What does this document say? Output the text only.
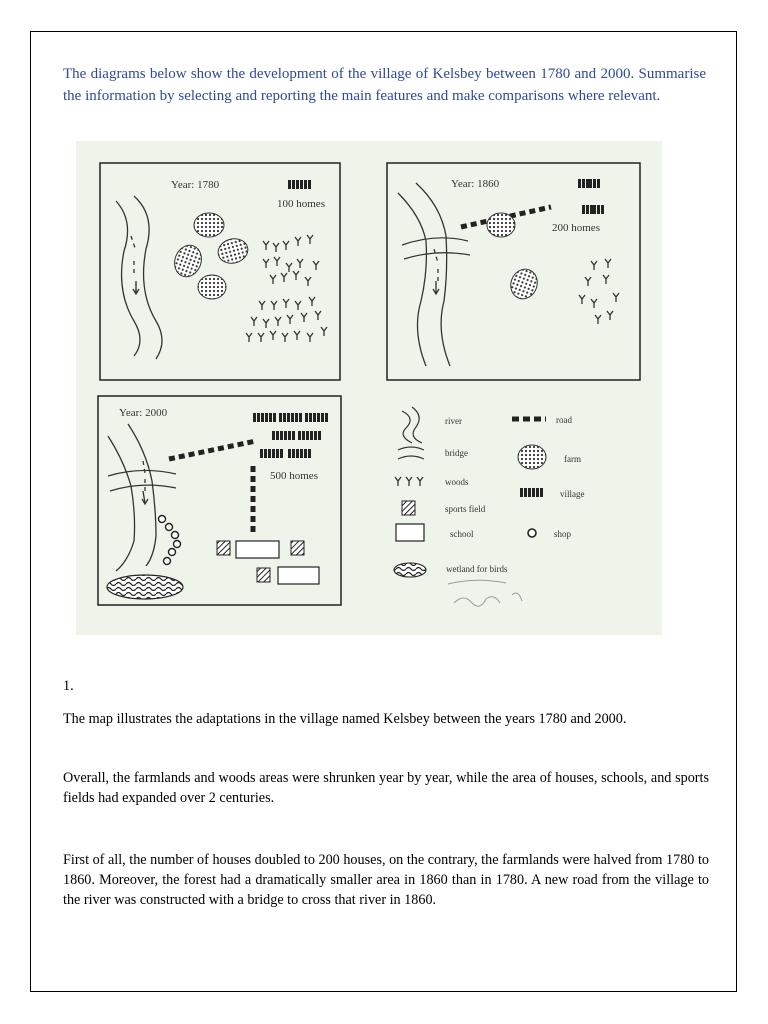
The diagrams below show the development of the village of Kelsbey between 1780 and 2000. Summarise the information by selecting and reporting the main features and make comparisons where relevant.
Year: 1780
100 homes
Year: 1860
200 homes
Year: 2000
500 homes
river	road
bridge
farm
woods
village
sports field
school	shop
wetland for birds
1.
The map illustrates the adaptations in the village named Kelsbey between the years 1780 and 2000.
Overall, the farmlands and woods areas were shrunken year by year, while the area of houses, schools, and sports fields had expanded over 2 centuries.
First of all, the number of houses doubled to 200 houses, on the contrary, the farmlands were halved from 1780 to 1860. Moreover, the forest had a dramatically smaller area in 1860 than in 1780. A new road from the village to the river was constructed with a bridge to cross that river in 1860.
